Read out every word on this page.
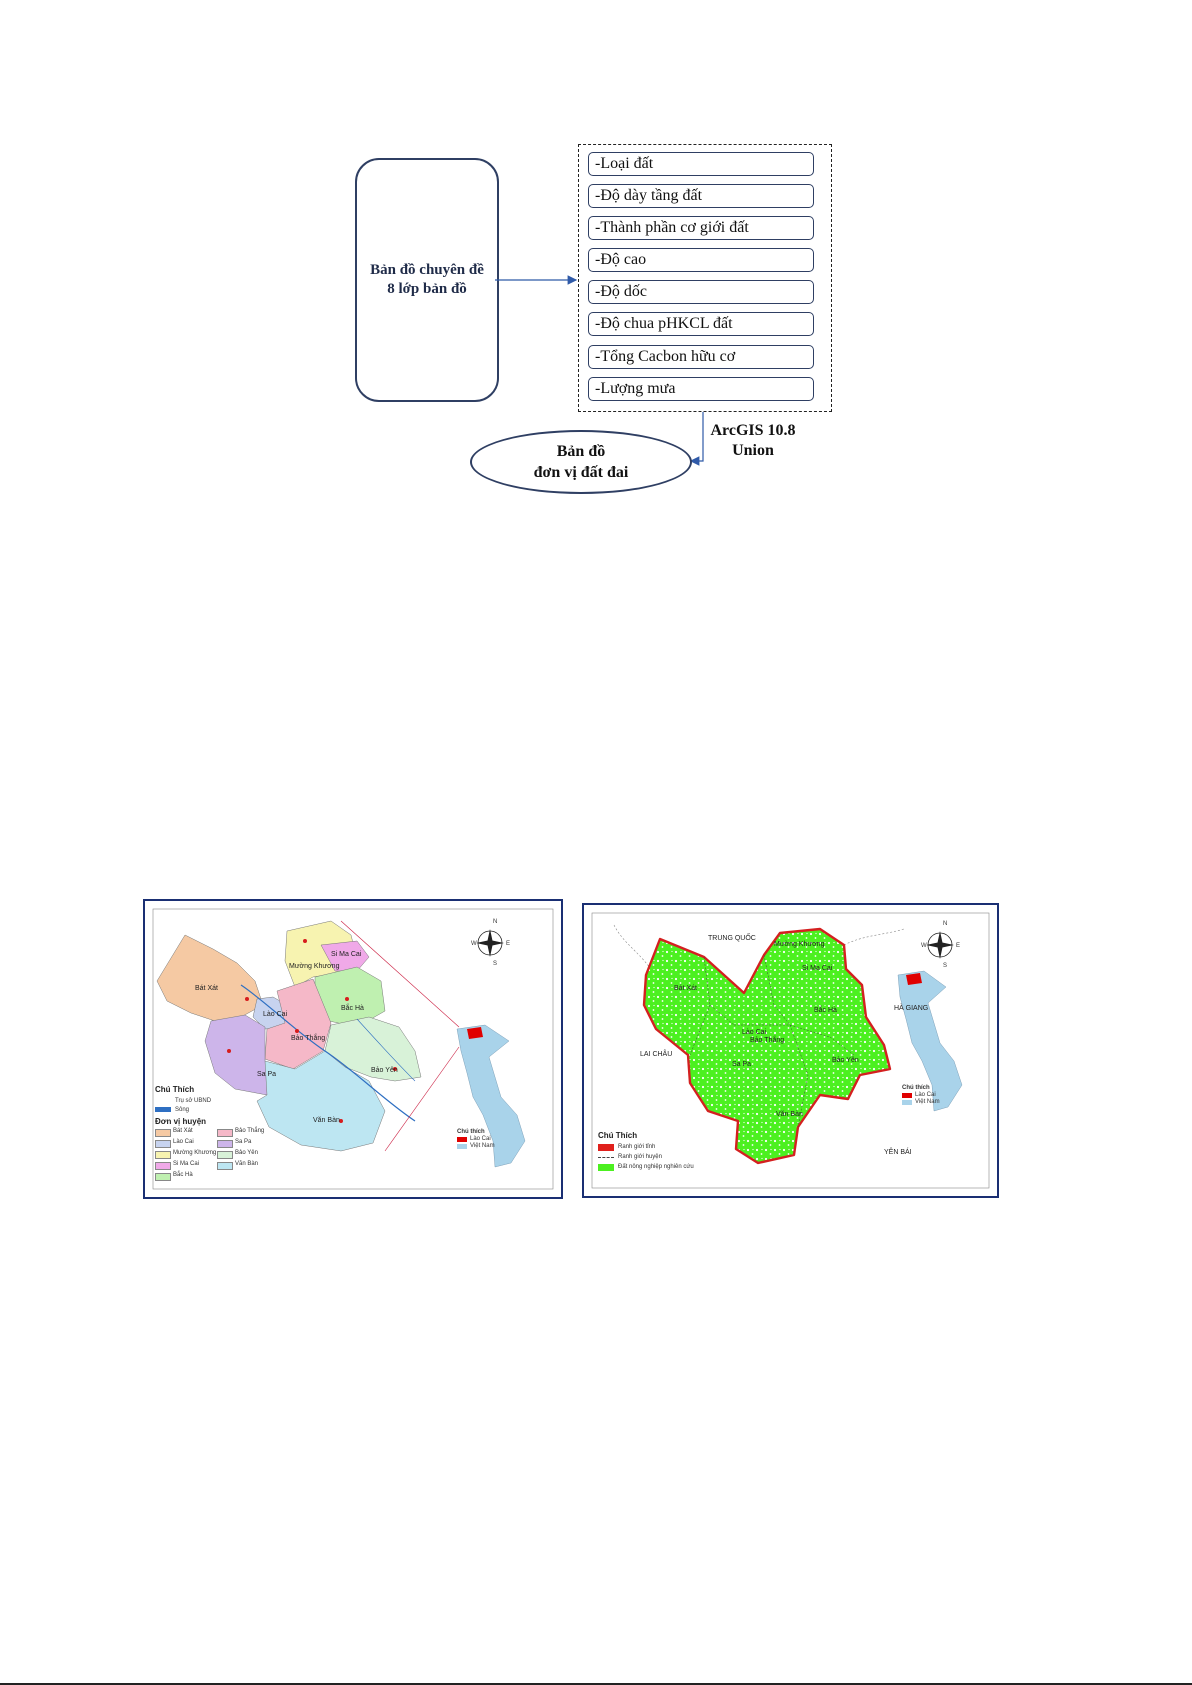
Bản đồ chuyên đề
8 lớp bản đồ
-Loại đất
-Độ dày tầng đất
-Thành phần cơ giới đất
-Độ cao
-Độ dốc
-Độ chua pHKCL đất
-Tổng Cacbon hữu cơ
-Lượng mưa
ArcGIS 10.8
Union
Bản đồ
đơn vị đất đai
N
S
W	E
Bát Xát
Lào Cai
Mường Khương
Si Ma Cai
Bắc Hà
Bảo Thắng
Sa Pa
Bảo Yên
Văn Bàn
Chú Thích
Trụ sở UBND
Sông
Đơn vị huyện
Bát Xát
Lào Cai
Mường Khương
Si Ma Cai
Bắc Hà
Bảo Thắng
Sa Pa
Bảo Yên
Văn Bàn
Chú thích
Lào Cai
Việt Nam
N
S
W	E
TRUNG QUỐC
HÀ GIANG
LAI CHÂU
YÊN BÁI
Bát Xát
Mường Khương
Si Ma Cai
Bắc Hà
Lào Cai
Bảo Thắng
Sa Pa
Bảo Yên
Văn Bàn
Chú Thích
Ranh giới tỉnh
Ranh giới huyện
Đất nông nghiệp nghiên cứu
Chú thích
Lào Cai
Việt Nam
